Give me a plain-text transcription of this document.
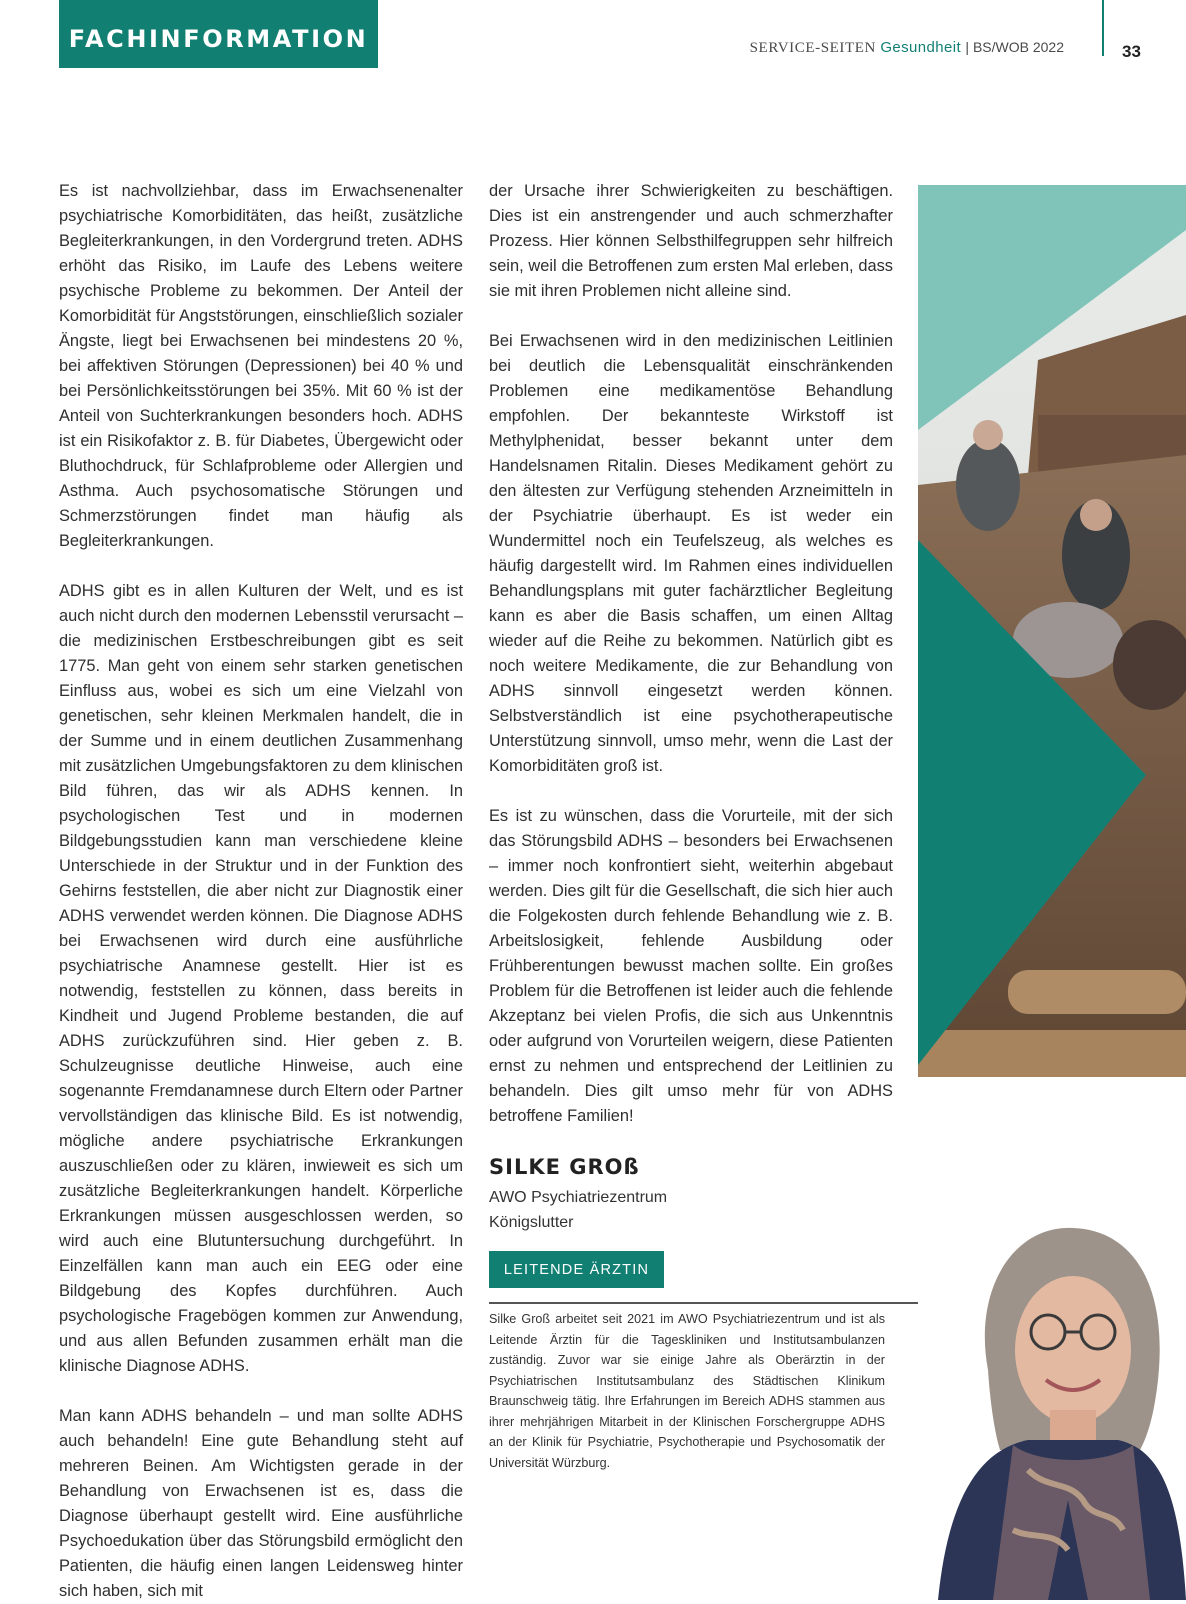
FACHINFORMATION	SERVICE-SEITEN Gesundheit | BS/WOB 2022	33

Es ist nachvollziehbar, dass im Erwachsenenalter psychiatrische Komorbiditäten, das heißt, zusätzliche Begleiterkrankungen, in den Vordergrund treten. ADHS erhöht das Risiko, im Laufe des Lebens weitere psychische Probleme zu bekommen. Der Anteil der Komorbidität für Angststörungen, einschließlich sozialer Ängste, liegt bei Erwachsenen bei mindestens 20 %, bei affektiven Störungen (Depressionen) bei 40 % und bei Persönlichkeitsstörungen bei 35%. Mit 60 % ist der Anteil von Suchterkrankungen besonders hoch. ADHS ist ein Risikofaktor z. B. für Diabetes, Übergewicht oder Bluthochdruck, für Schlafprobleme oder Allergien und Asthma. Auch psychosomatische Störungen und Schmerzstörungen findet man häufig als Begleiterkrankungen.

ADHS gibt es in allen Kulturen der Welt, und es ist auch nicht durch den modernen Lebensstil verursacht – die medizinischen Erstbeschreibungen gibt es seit 1775. Man geht von einem sehr starken genetischen Einfluss aus, wobei es sich um eine Vielzahl von genetischen, sehr kleinen Merkmalen handelt, die in der Summe und in einem deutlichen Zusammenhang mit zusätzlichen Umgebungsfaktoren zu dem klinischen Bild führen, das wir als ADHS kennen. In psychologischen Test und in modernen Bildgebungsstudien kann man verschiedene kleine Unterschiede in der Struktur und in der Funktion des Gehirns feststellen, die aber nicht zur Diagnostik einer ADHS verwendet werden können. Die Diagnose ADHS bei Erwachsenen wird durch eine ausführliche psychiatrische Anamnese gestellt. Hier ist es notwendig, feststellen zu können, dass bereits in Kindheit und Jugend Probleme bestanden, die auf ADHS zurückzuführen sind. Hier geben z. B. Schulzeugnisse deutliche Hinweise, auch eine sogenannte Fremdanamnese durch Eltern oder Partner vervollständigen das klinische Bild. Es ist notwendig, mögliche andere psychiatrische Erkrankungen auszuschließen oder zu klären, inwieweit es sich um zusätzliche Begleiterkrankungen handelt. Körperliche Erkrankungen müssen ausgeschlossen werden, so wird auch eine Blutuntersuchung durchgeführt. In Einzelfällen kann man auch ein EEG oder eine Bildgebung des Kopfes durchführen. Auch psychologische Fragebögen kommen zur Anwendung, und aus allen Befunden zusammen erhält man die klinische Diagnose ADHS.

Man kann ADHS behandeln – und man sollte ADHS auch behandeln! Eine gute Behandlung steht auf mehreren Beinen. Am Wichtigsten gerade in der Behandlung von Erwachsenen ist es, dass die Diagnose überhaupt gestellt wird. Eine ausführliche Psychoedukation über das Störungsbild ermöglicht den Patienten, die häufig einen langen Leidensweg hinter sich haben, sich mit

der Ursache ihrer Schwierigkeiten zu beschäftigen. Dies ist ein anstrengender und auch schmerzhafter Prozess. Hier können Selbsthilfegruppen sehr hilfreich sein, weil die Betroffenen zum ersten Mal erleben, dass sie mit ihren Problemen nicht alleine sind.

Bei Erwachsenen wird in den medizinischen Leitlinien bei deutlich die Lebensqualität einschränkenden Problemen eine medikamentöse Behandlung empfohlen. Der bekannteste Wirkstoff ist Methylphenidat, besser bekannt unter dem Handelsnamen Ritalin. Dieses Medikament gehört zu den ältesten zur Verfügung stehenden Arzneimitteln in der Psychiatrie überhaupt. Es ist weder ein Wundermittel noch ein Teufelszeug, als welches es häufig dargestellt wird. Im Rahmen eines individuellen Behandlungsplans mit guter fachärztlicher Begleitung kann es aber die Basis schaffen, um einen Alltag wieder auf die Reihe zu bekommen. Natürlich gibt es noch weitere Medikamente, die zur Behandlung von ADHS sinnvoll eingesetzt werden können. Selbstverständlich ist eine psychotherapeutische Unterstützung sinnvoll, umso mehr, wenn die Last der Komorbiditäten groß ist.

Es ist zu wünschen, dass die Vorurteile, mit der sich das Störungsbild ADHS – besonders bei Erwachsenen – immer noch konfrontiert sieht, weiterhin abgebaut werden. Dies gilt für die Gesellschaft, die sich hier auch die Folgekosten durch fehlende Behandlung wie z. B. Arbeitslosigkeit, fehlende Ausbildung oder Frühberentungen bewusst machen sollte. Ein großes Problem für die Betroffenen ist leider auch die fehlende Akzeptanz bei vielen Profis, die sich aus Unkenntnis oder aufgrund von Vorurteilen weigern, diese Patienten ernst zu nehmen und entsprechend der Leitlinien zu behandeln. Dies gilt umso mehr für von ADHS betroffene Familien!

SILKE GROß
AWO Psychiatriezentrum
Königslutter
LEITENDE ÄRZTIN
Silke Groß arbeitet seit 2021 im AWO Psychiatriezentrum und ist als Leitende Ärztin für die Tageskliniken und Institutsambulanzen zuständig. Zuvor war sie einige Jahre als Oberärztin in der Psychiatrischen Institutsambulanz des Städtischen Klinikum Braunschweig tätig. Ihre Erfahrungen im Bereich ADHS stammen aus ihrer mehrjährigen Mitarbeit in der Klinischen Forschergruppe ADHS an der Klinik für Psychiatrie, Psychotherapie und Psychosomatik der Universität Würzburg.
